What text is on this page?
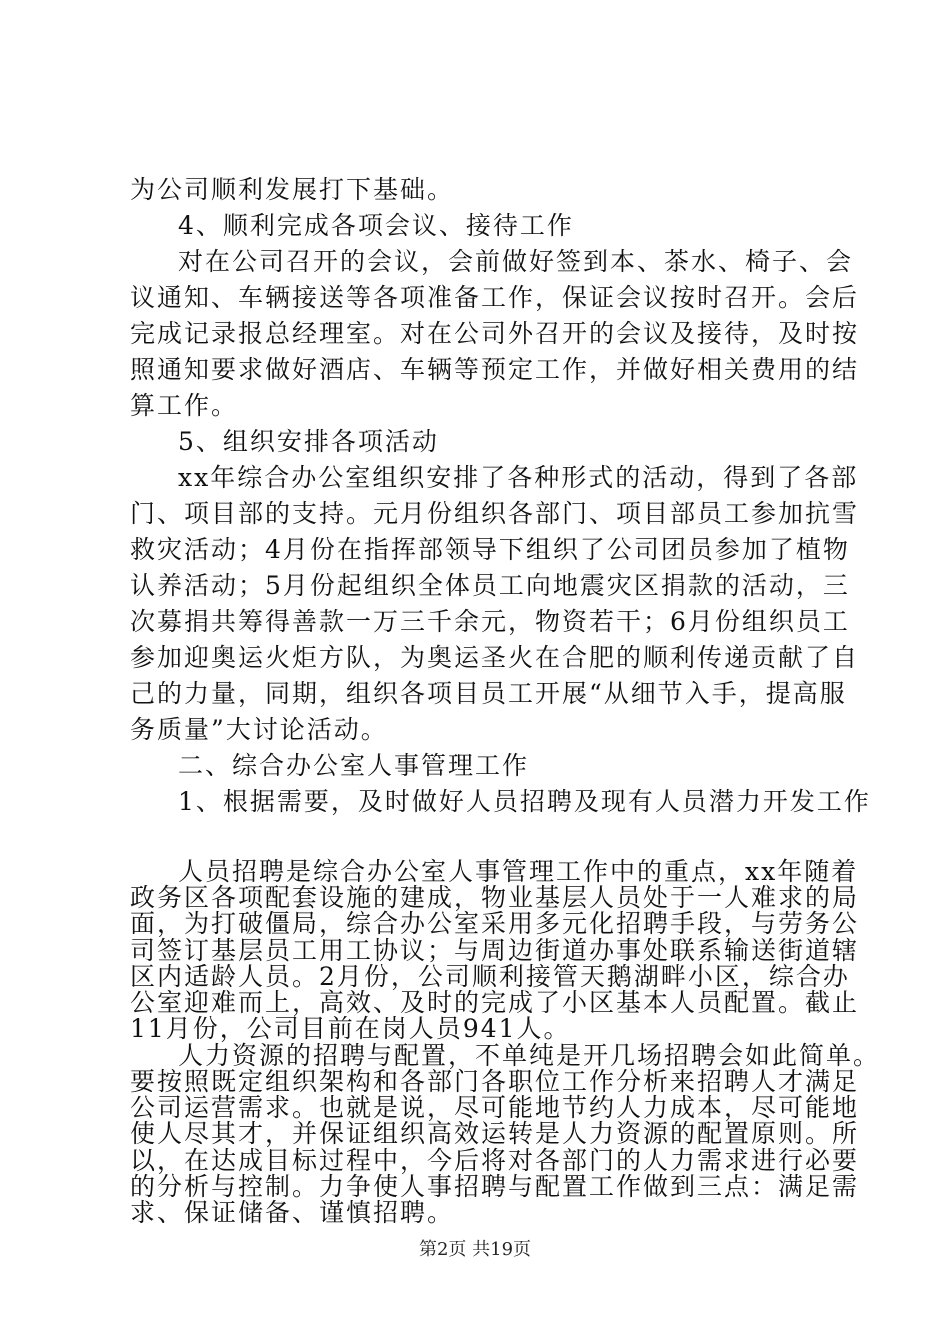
为公司顺利发展打下基础。
4、顺利完成各项会议、接待工作
对在公司召开的会议，会前做好签到本、茶水、椅子、会
议通知、车辆接送等各项准备工作，保证会议按时召开。会后
完成记录报总经理室。对在公司外召开的会议及接待，及时按
照通知要求做好酒店、车辆等预定工作，并做好相关费用的结
算工作。
5、组织安排各项活动
xx年综合办公室组织安排了各种形式的活动，得到了各部
门、项目部的支持。元月份组织各部门、项目部员工参加抗雪
救灾活动；4月份在指挥部领导下组织了公司团员参加了植物
认养活动；5月份起组织全体员工向地震灾区捐款的活动，三
次募捐共筹得善款一万三千余元，物资若干；6月份组织员工
参加迎奥运火炬方队，为奥运圣火在合肥的顺利传递贡献了自
己的力量，同期，组织各项目员工开展“从细节入手，提高服
务质量”大讨论活动。
二、综合办公室人事管理工作
1、根据需要，及时做好人员招聘及现有人员潜力开发工作
人员招聘是综合办公室人事管理工作中的重点，xx年随着
政务区各项配套设施的建成，物业基层人员处于一人难求的局
面，为打破僵局，综合办公室采用多元化招聘手段，与劳务公
司签订基层员工用工协议；与周边街道办事处联系输送街道辖
区内适龄人员。2月份，公司顺利接管天鹅湖畔小区，综合办
公室迎难而上，高效、及时的完成了小区基本人员配置。截止
11月份，公司目前在岗人员941人。
人力资源的招聘与配置，不单纯是开几场招聘会如此简单。
要按照既定组织架构和各部门各职位工作分析来招聘人才满足
公司运营需求。也就是说，尽可能地节约人力成本，尽可能地
使人尽其才，并保证组织高效运转是人力资源的配置原则。所
以，在达成目标过程中，今后将对各部门的人力需求进行必要
的分析与控制。力争使人事招聘与配置工作做到三点：满足需
求、保证储备、谨慎招聘。
第2页 共19页
